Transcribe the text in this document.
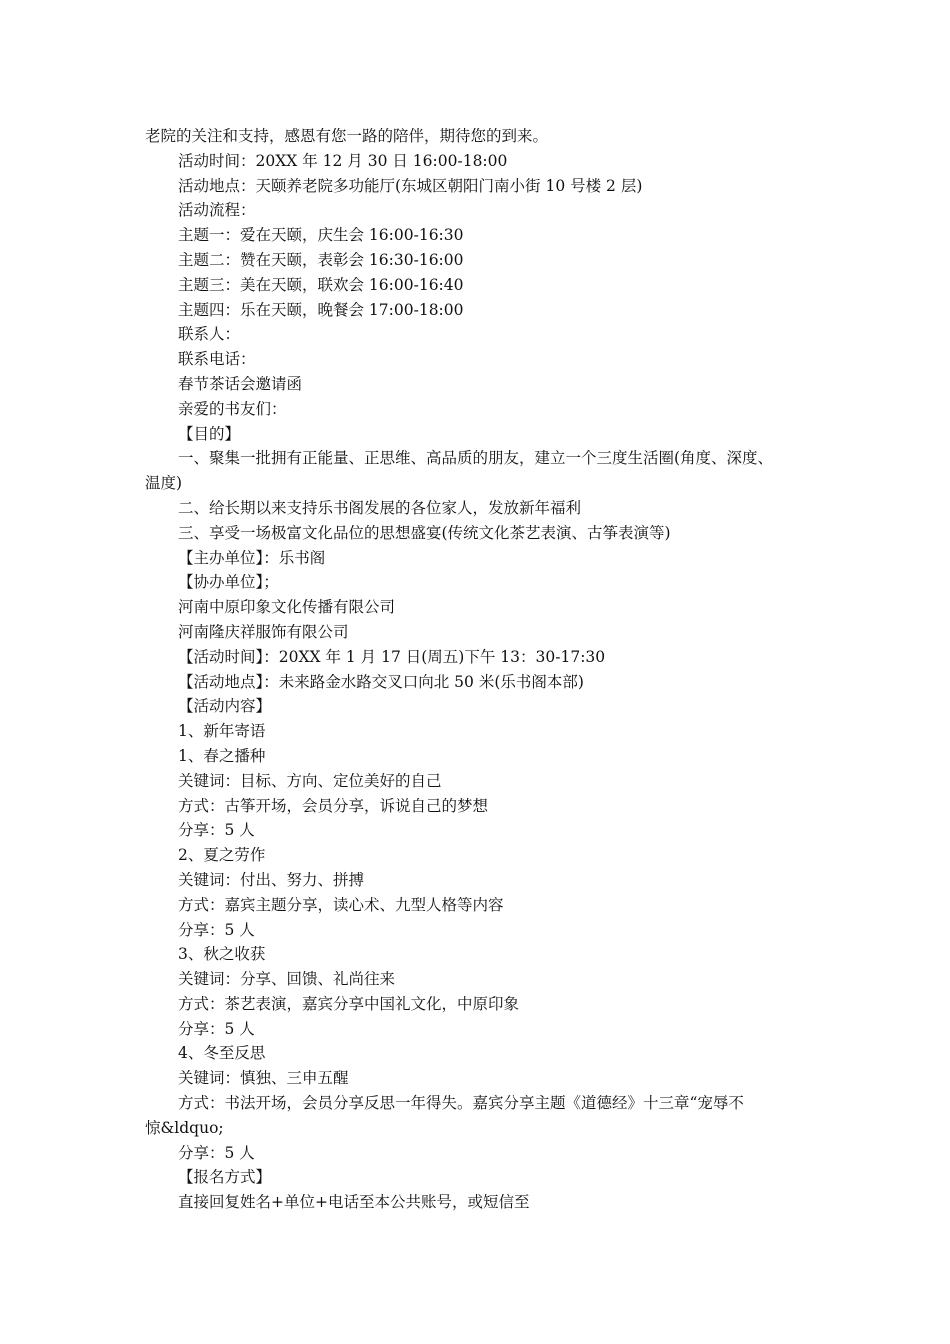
老院的关注和支持，感恩有您一路的陪伴，期待您的到来。
活动时间：20XX 年 12 月 30 日 16:00-18:00
活动地点：天颐养老院多功能厅(东城区朝阳门南小街 10 号楼 2 层)
活动流程：
主题一：爱在天颐，庆生会 16:00-16:30
主题二：赞在天颐，表彰会 16:30-16:00
主题三：美在天颐，联欢会 16:00-16:40
主题四：乐在天颐，晚餐会 17:00-18:00
联系人：
联系电话：
春节茶话会邀请函
亲爱的书友们：
【目的】
一、聚集一批拥有正能量、正思维、高品质的朋友，建立一个三度生活圈(角度、深度、
温度)
二、给长期以来支持乐书阁发展的各位家人，发放新年福利
三、享受一场极富文化品位的思想盛宴(传统文化茶艺表演、古筝表演等)
【主办单位】：乐书阁
【协办单位】；
河南中原印象文化传播有限公司
河南隆庆祥服饰有限公司
【活动时间】：20XX 年 1 月 17 日(周五)下午 13：30-17:30
【活动地点】：未来路金水路交叉口向北 50 米(乐书阁本部)
【活动内容】
1、新年寄语
1、春之播种
关键词：目标、方向、定位美好的自己
方式：古筝开场，会员分享，诉说自己的梦想
分享：5 人
2、夏之劳作
关键词：付出、努力、拼搏
方式：嘉宾主题分享，读心术、九型人格等内容
分享：5 人
3、秋之收获
关键词：分享、回馈、礼尚往来
方式：茶艺表演，嘉宾分享中国礼文化，中原印象
分享：5 人
4、冬至反思
关键词：慎独、三申五醒
方式：书法开场，会员分享反思一年得失。嘉宾分享主题《道德经》十三章“宠辱不
惊&ldquo;
分享：5 人
【报名方式】
直接回复姓名+单位+电话至本公共账号，或短信至
